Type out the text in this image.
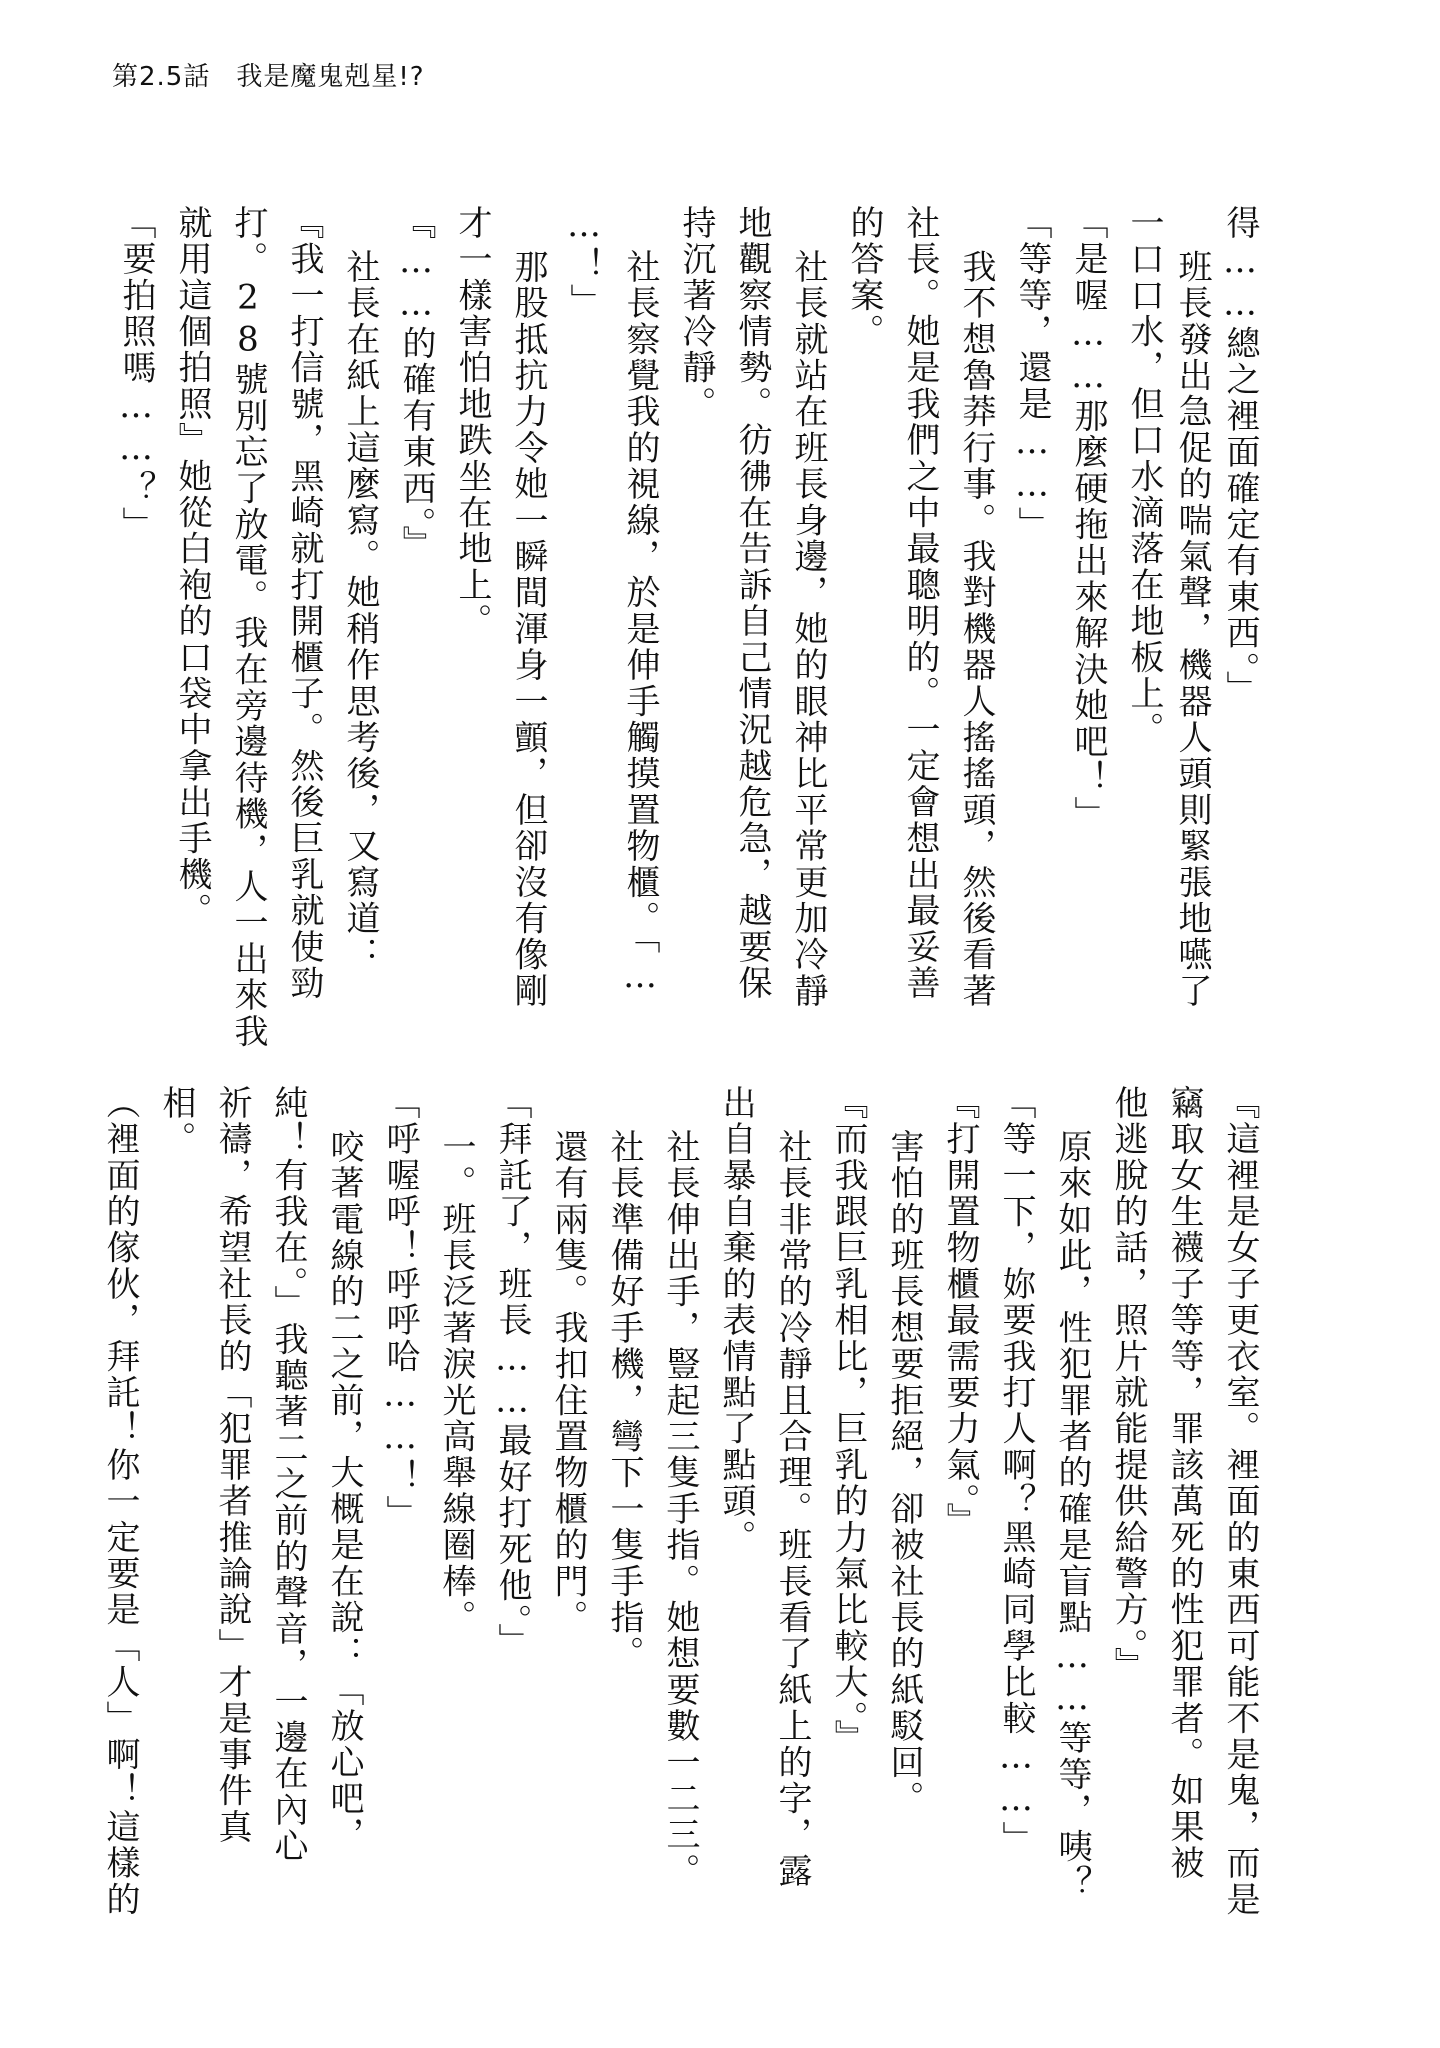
第2.5話 我是魔鬼剋星!?
得……總之裡面確定有東西。」
班長發出急促的喘氣聲，機器人頭則緊張地嚥了
一口口水，但口水滴落在地板上。
「是喔……那麼硬拖出來解決她吧！」
「等等，還是……」
我不想魯莽行事。我對機器人搖搖頭，然後看著
社長。她是我們之中最聰明的。一定會想出最妥善
的答案。
社長就站在班長身邊，她的眼神比平常更加冷靜
地觀察情勢。彷彿在告訴自己情況越危急，越要保
持沉著冷靜。
社長察覺我的視線，於是伸手觸摸置物櫃。「…
…！」
那股抵抗力令她一瞬間渾身一顫，但卻沒有像剛
才一樣害怕地跌坐在地上。
『……的確有東西。』
社長在紙上這麼寫。她稍作思考後，又寫道：
『我一打信號，黑崎就打開櫃子。然後巨乳就使勁
打。28號別忘了放電。我在旁邊待機，人一出來我
就用這個拍照』她從白袍的口袋中拿出手機。
「要拍照嗎……？」
『這裡是女子更衣室。裡面的東西可能不是鬼，而是
竊取女生襪子等等，罪該萬死的性犯罪者。如果被
他逃脫的話，照片就能提供給警方。』
原來如此，性犯罪者的確是盲點……等等，咦？
「等一下，妳要我打人啊？黑崎同學比較……」
『打開置物櫃最需要力氣。』
害怕的班長想要拒絕，卻被社長的紙駁回。
『而我跟巨乳相比，巨乳的力氣比較大。』
社長非常的冷靜且合理。班長看了紙上的字，露
出自暴自棄的表情點了點頭。
社長伸出手，豎起三隻手指。她想要數一二三。
社長準備好手機，彎下一隻手指。
還有兩隻。我扣住置物櫃的門。
「拜託了，班長……最好打死他。」
一。班長泛著淚光高舉線圈棒。
「呼喔呼！呼呼哈……！」
咬著電線的二之前，大概是在說：「放心吧，
純！有我在。」我聽著二之前的聲音，一邊在內心
祈禱，希望社長的「犯罪者推論說」才是事件真
相。
（裡面的傢伙，拜託！你一定要是「人」啊！這樣的
